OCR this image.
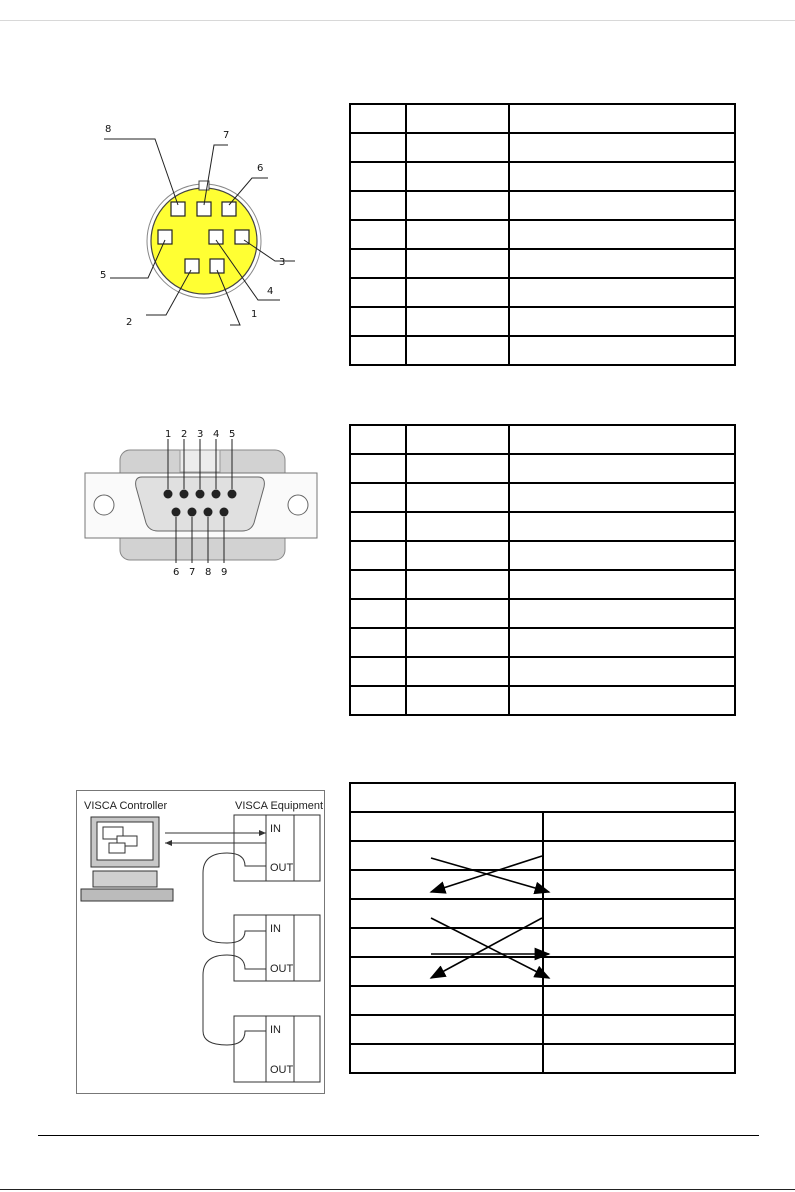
8
7
6
3
5
4
1
2

1 2 3 4 5
6 7 8 9

VISCA Controller	VISCA Equipment
IN
OUT
IN
OUT
IN
OUT
